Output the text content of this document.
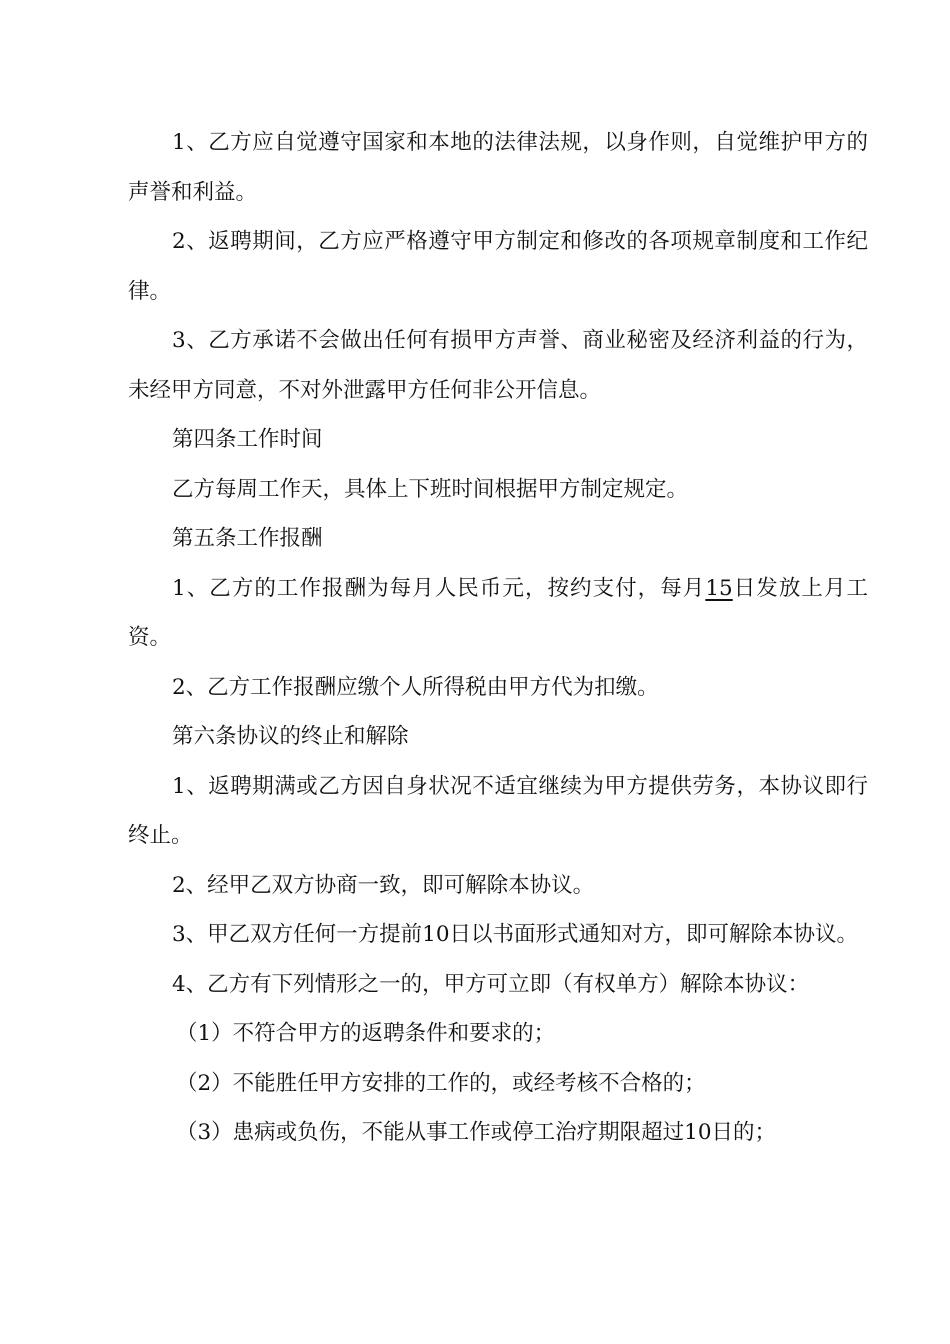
1、乙方应自觉遵守国家和本地的法律法规，以身作则，自觉维护甲方的声誉和利益。

2、返聘期间，乙方应严格遵守甲方制定和修改的各项规章制度和工作纪律。

3、乙方承诺不会做出任何有损甲方声誉、商业秘密及经济利益的行为，未经甲方同意，不对外泄露甲方任何非公开信息。

第四条工作时间

乙方每周工作天，具体上下班时间根据甲方制定规定。

第五条工作报酬

1、乙方的工作报酬为每月人民币元，按约支付，每月15日发放上月工资。

2、乙方工作报酬应缴个人所得税由甲方代为扣缴。

第六条协议的终止和解除

1、返聘期满或乙方因自身状况不适宜继续为甲方提供劳务，本协议即行终止。

2、经甲乙双方协商一致，即可解除本协议。

3、甲乙双方任何一方提前10日以书面形式通知对方，即可解除本协议。

4、乙方有下列情形之一的，甲方可立即（有权单方）解除本协议：

（1）不符合甲方的返聘条件和要求的；

（2）不能胜任甲方安排的工作的，或经考核不合格的；

（3）患病或负伤，不能从事工作或停工治疗期限超过10日的；
